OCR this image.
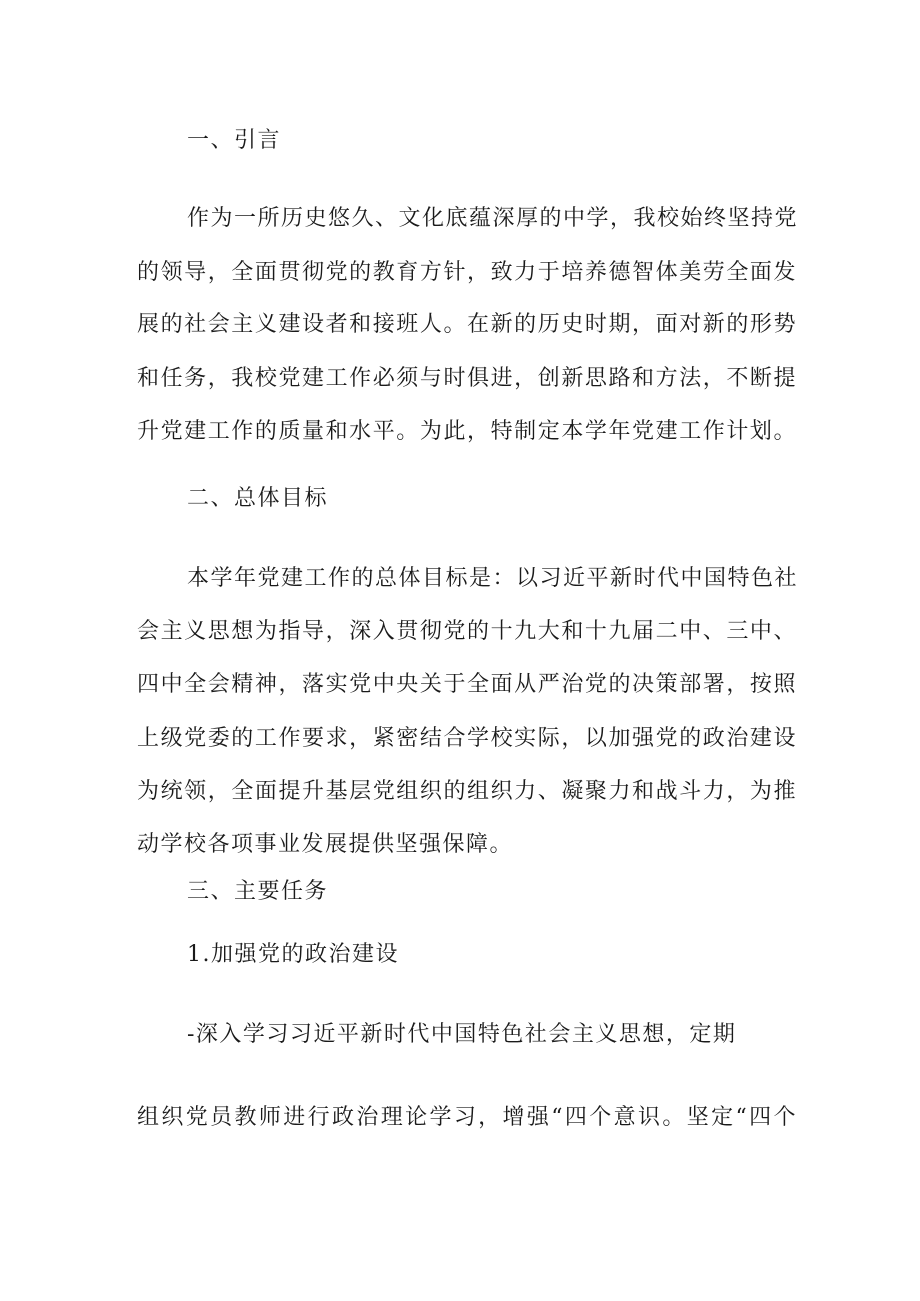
一、引言
作为一所历史悠久、文化底蕴深厚的中学，我校始终坚持党
的领导，全面贯彻党的教育方针，致力于培养德智体美劳全面发
展的社会主义建设者和接班人。在新的历史时期，面对新的形势
和任务，我校党建工作必须与时俱进，创新思路和方法，不断提
升党建工作的质量和水平。为此，特制定本学年党建工作计划。
二、总体目标
本学年党建工作的总体目标是：以习近平新时代中国特色社
会主义思想为指导，深入贯彻党的十九大和十九届二中、三中、
四中全会精神，落实党中央关于全面从严治党的决策部署，按照
上级党委的工作要求，紧密结合学校实际，以加强党的政治建设
为统领，全面提升基层党组织的组织力、凝聚力和战斗力，为推
动学校各项事业发展提供坚强保障。
三、主要任务
1.加强党的政治建设
-深入学习习近平新时代中国特色社会主义思想，定期
组织党员教师进行政治理论学习，增强“四个意识。坚定“四个
